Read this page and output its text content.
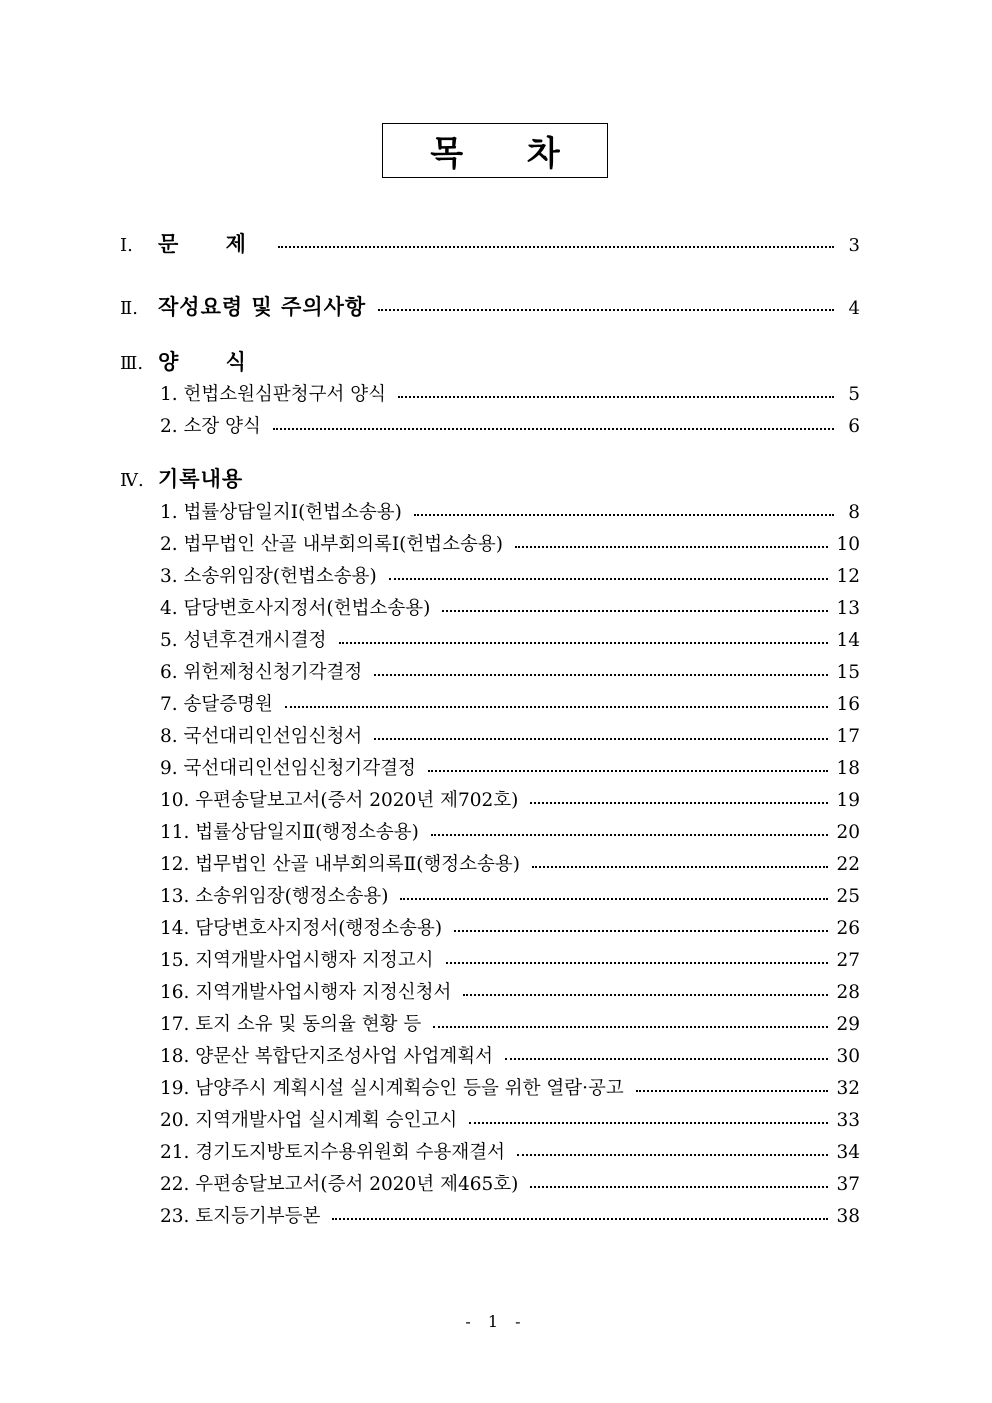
목 차
Ⅰ.	문 제	3
Ⅱ. 작성요령 및 주의사항	4
Ⅲ. 양 식
1. 헌법소원심판청구서 양식	5
2. 소장 양식	6
Ⅳ. 기록내용
1. 법률상담일지Ⅰ(헌법소송용)	8
2. 법무법인 산골 내부회의록Ⅰ(헌법소송용)	10
3. 소송위임장(헌법소송용)	12
4. 담당변호사지정서(헌법소송용)	13
5. 성년후견개시결정	14
6. 위헌제청신청기각결정	15
7. 송달증명원	16
8. 국선대리인선임신청서	17
9. 국선대리인선임신청기각결정	18
10. 우편송달보고서(증서 2020년 제702호)	19
11. 법률상담일지Ⅱ(행정소송용)	20
12. 법무법인 산골 내부회의록Ⅱ(행정소송용)	22
13. 소송위임장(행정소송용)	25
14. 담당변호사지정서(행정소송용)	26
15. 지역개발사업시행자 지정고시	27
16. 지역개발사업시행자 지정신청서	28
17. 토지 소유 및 동의율 현황 등	29
18. 양문산 복합단지조성사업 사업계획서	30
19. 남양주시 계획시설 실시계획승인 등을 위한 열람·공고	32
20. 지역개발사업 실시계획 승인고시	33
21. 경기도지방토지수용위원회 수용재결서	34
22. 우편송달보고서(증서 2020년 제465호)	37
23. 토지등기부등본	38
- 1 -
